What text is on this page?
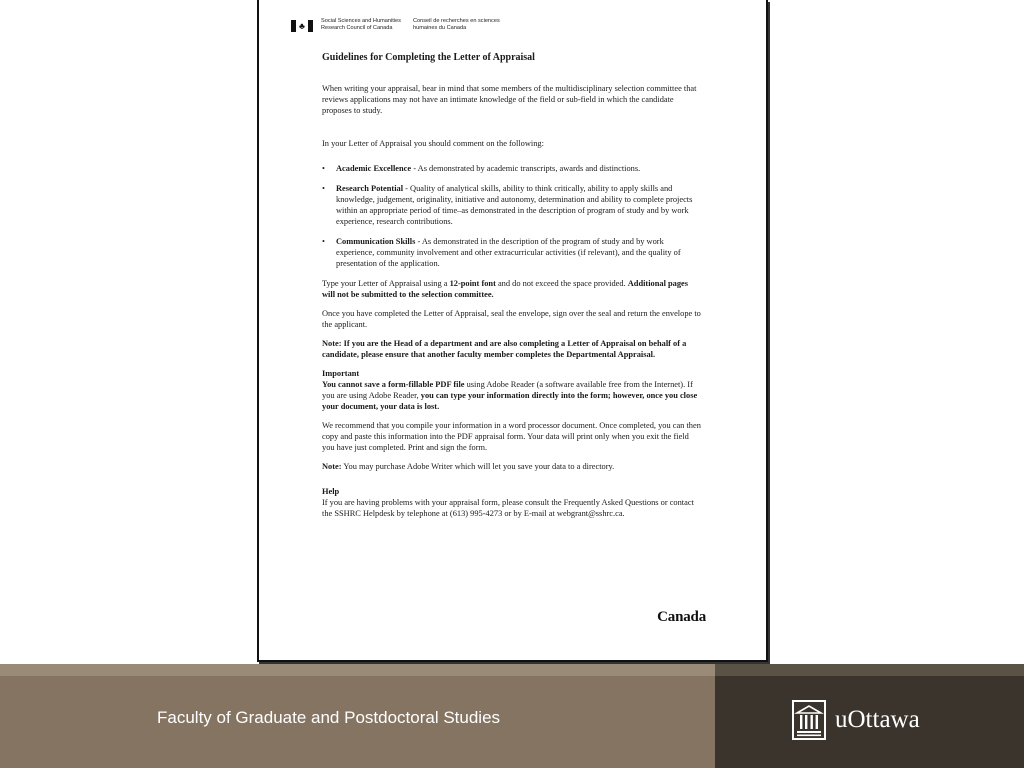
♣	Social Sciences and Humanities Research Council of Canada
Conseil de recherches en sciences humaines du Canada
Guidelines for Completing the Letter of Appraisal

When writing your appraisal, bear in mind that some members of the multidisciplinary selection committee that reviews applications may not have an intimate knowledge of the field or sub-field in which the candidate proposes to study.

In your Letter of Appraisal you should comment on the following:

• Academic Excellence - As demonstrated by academic transcripts, awards and distinctions.
• Research Potential - Quality of analytical skills, ability to think critically, ability to apply skills and knowledge, judgement, originality, initiative and autonomy, determination and ability to complete projects within an appropriate period of time–as demonstrated in the description of program of study and by work experience, research contributions.
• Communication Skills - As demonstrated in the description of the program of study and by work experience, community involvement and other extracurricular activities (if relevant), and the quality of presentation of the application.

Type your Letter of Appraisal using a 12-point font and do not exceed the space provided. Additional pages will not be submitted to the selection committee.

Once you have completed the Letter of Appraisal, seal the envelope, sign over the seal and return the envelope to the applicant.

Note: If you are the Head of a department and are also completing a Letter of Appraisal on behalf of a candidate, please ensure that another faculty member completes the Departmental Appraisal.

Important

You cannot save a form-fillable PDF file using Adobe Reader (a software available free from the Internet). If you are using Adobe Reader, you can type your information directly into the form; however, once you close your document, your data is lost.

We recommend that you compile your information in a word processor document. Once completed, you can then copy and paste this information into the PDF appraisal form. Your data will print only when you exit the field you have just completed. Print and sign the form.

Note: You may purchase Adobe Writer which will let you save your data to a directory.

Help

If you are having problems with your appraisal form, please consult the Frequently Asked Questions or contact the SSHRC Helpdesk by telephone at (613) 995-4273 or by E-mail at webgrant@sshrc.ca.

Canada
Faculty of Graduate and Postdoctoral Studies	uOttawa
